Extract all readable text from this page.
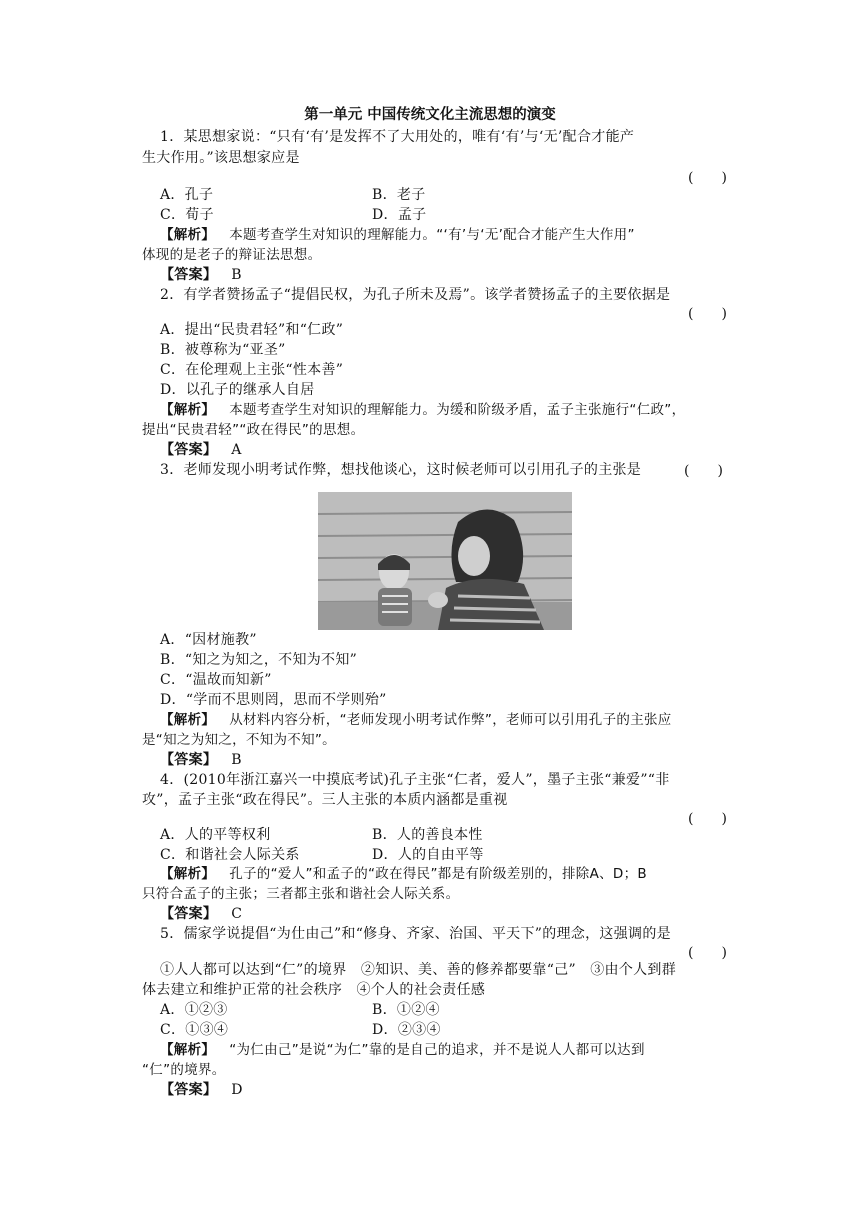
第一单元 中国传统文化主流思想的演变
1．某思想家说：“只有‘有’是发挥不了大用处的，唯有‘有’与‘无’配合才能产
生大作用。”该思想家应是
(　　)
A．孔子	B．老子
C．荀子	D．孟子
【解析】 本题考查学生对知识的理解能力。“‘有’与‘无’配合才能产生大作用”
体现的是老子的辩证法思想。
【答案】 B
2．有学者赞扬孟子“提倡民权，为孔子所未及焉”。该学者赞扬孟子的主要依据是
(　　)
A．提出“民贵君轻”和“仁政”
B．被尊称为“亚圣”
C．在伦理观上主张“性本善”
D．以孔子的继承人自居
【解析】 本题考查学生对知识的理解能力。为缓和阶级矛盾，孟子主张施行“仁政”，
提出“民贵君轻”“政在得民”的思想。
【答案】 A
3．老师发现小明考试作弊，想找他谈心，这时候老师可以引用孔子的主张是	(　　)
A．“因材施教”
B．“知之为知之，不知为不知”
C．“温故而知新”
D．“学而不思则罔，思而不学则殆”
【解析】 从材料内容分析，“老师发现小明考试作弊”，老师可以引用孔子的主张应
是“知之为知之，不知为不知”。
【答案】 B
4．(2010年浙江嘉兴一中摸底考试)孔子主张“仁者，爱人”，墨子主张“兼爱”“非
攻”，孟子主张“政在得民”。三人主张的本质内涵都是重视
(　　)
A．人的平等权利	B．人的善良本性
C．和谐社会人际关系	D．人的自由平等
【解析】 孔子的“爱人”和孟子的“政在得民”都是有阶级差别的，排除A、D；B
只符合孟子的主张；三者都主张和谐社会人际关系。
【答案】 C
5．儒家学说提倡“为仕由己”和“修身、齐家、治国、平天下”的理念，这强调的是
(　　)
①人人都可以达到“仁”的境界　②知识、美、善的修养都要靠“己”　③由个人到群
体去建立和维护正常的社会秩序　④个人的社会责任感
A．①②③	B．①②④
C．①③④	D．②③④
【解析】 “为仁由己”是说“为仁”靠的是自己的追求，并不是说人人都可以达到
“仁”的境界。
【答案】 D
